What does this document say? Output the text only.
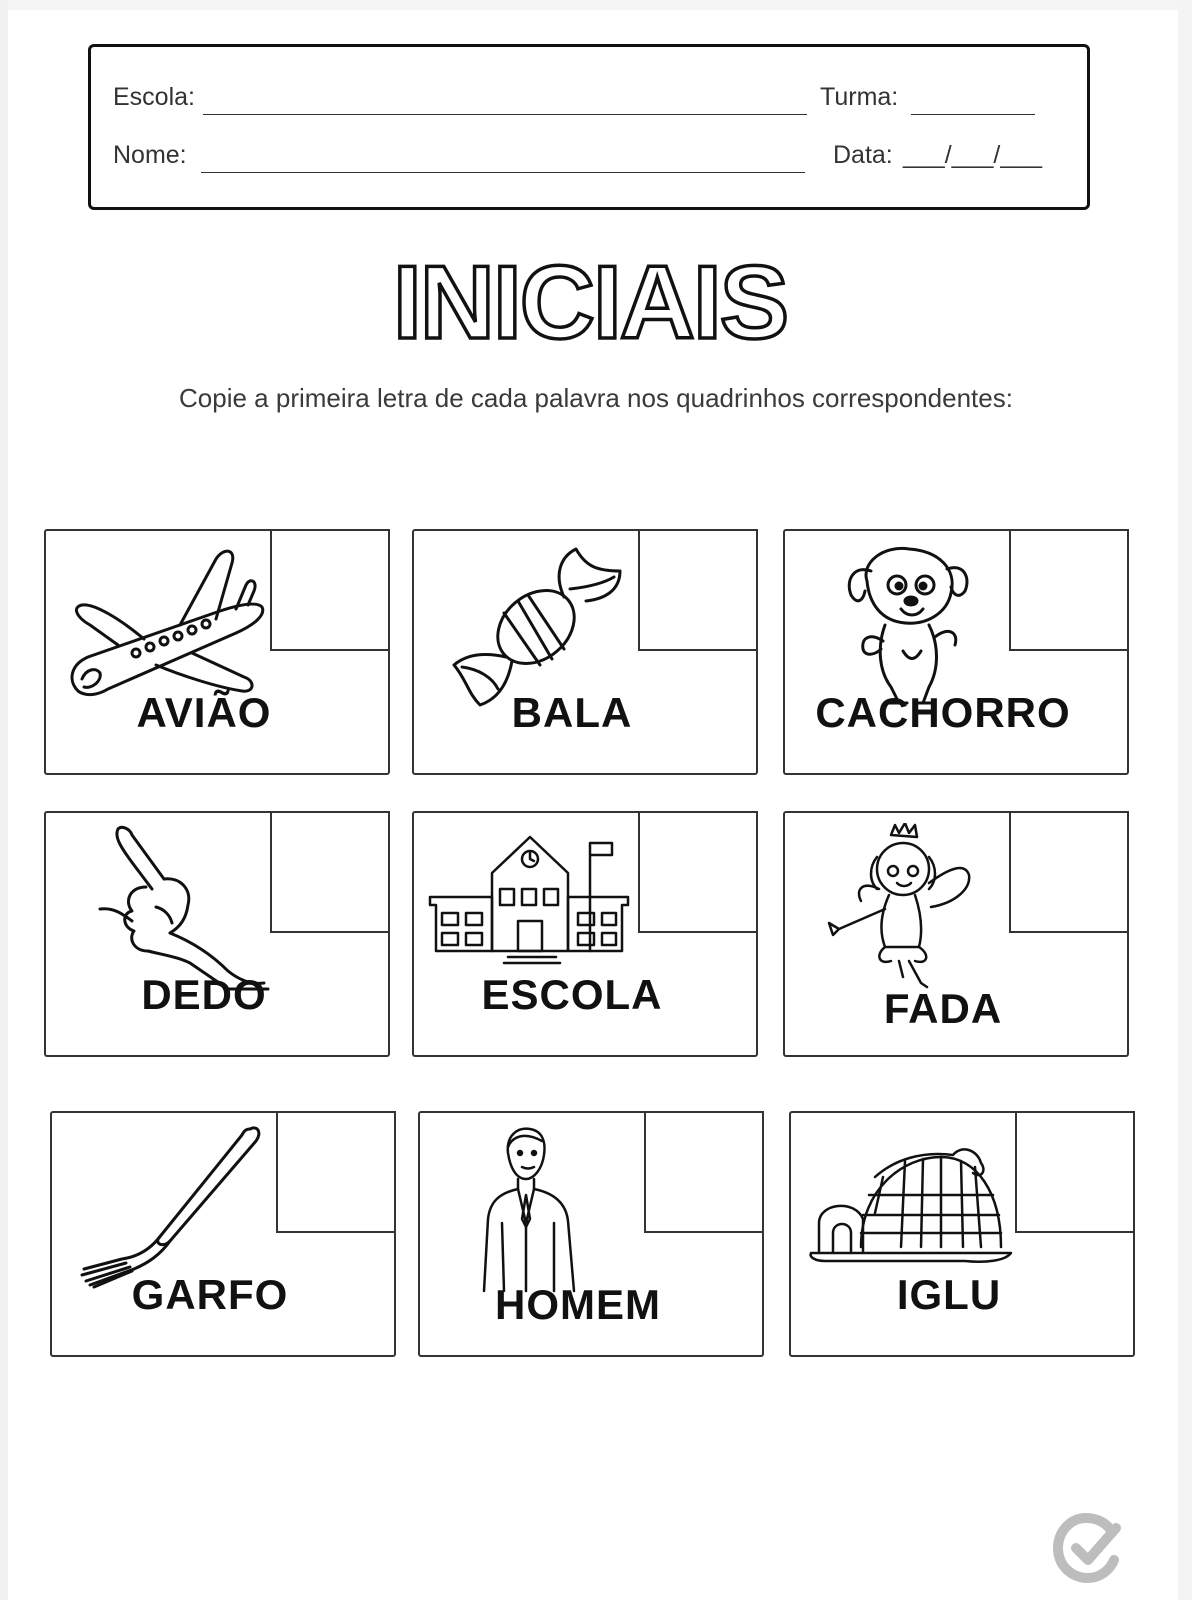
Escola:	Turma:
Nome:	Data: ___/___/___
INICIAIS
Copie a primeira letra de cada palavra nos quadrinhos correspondentes:
AVIÃO	BALA	CACHORRO
DEDO	ESCOLA	FADA
GARFO	HOMEM	IGLU
